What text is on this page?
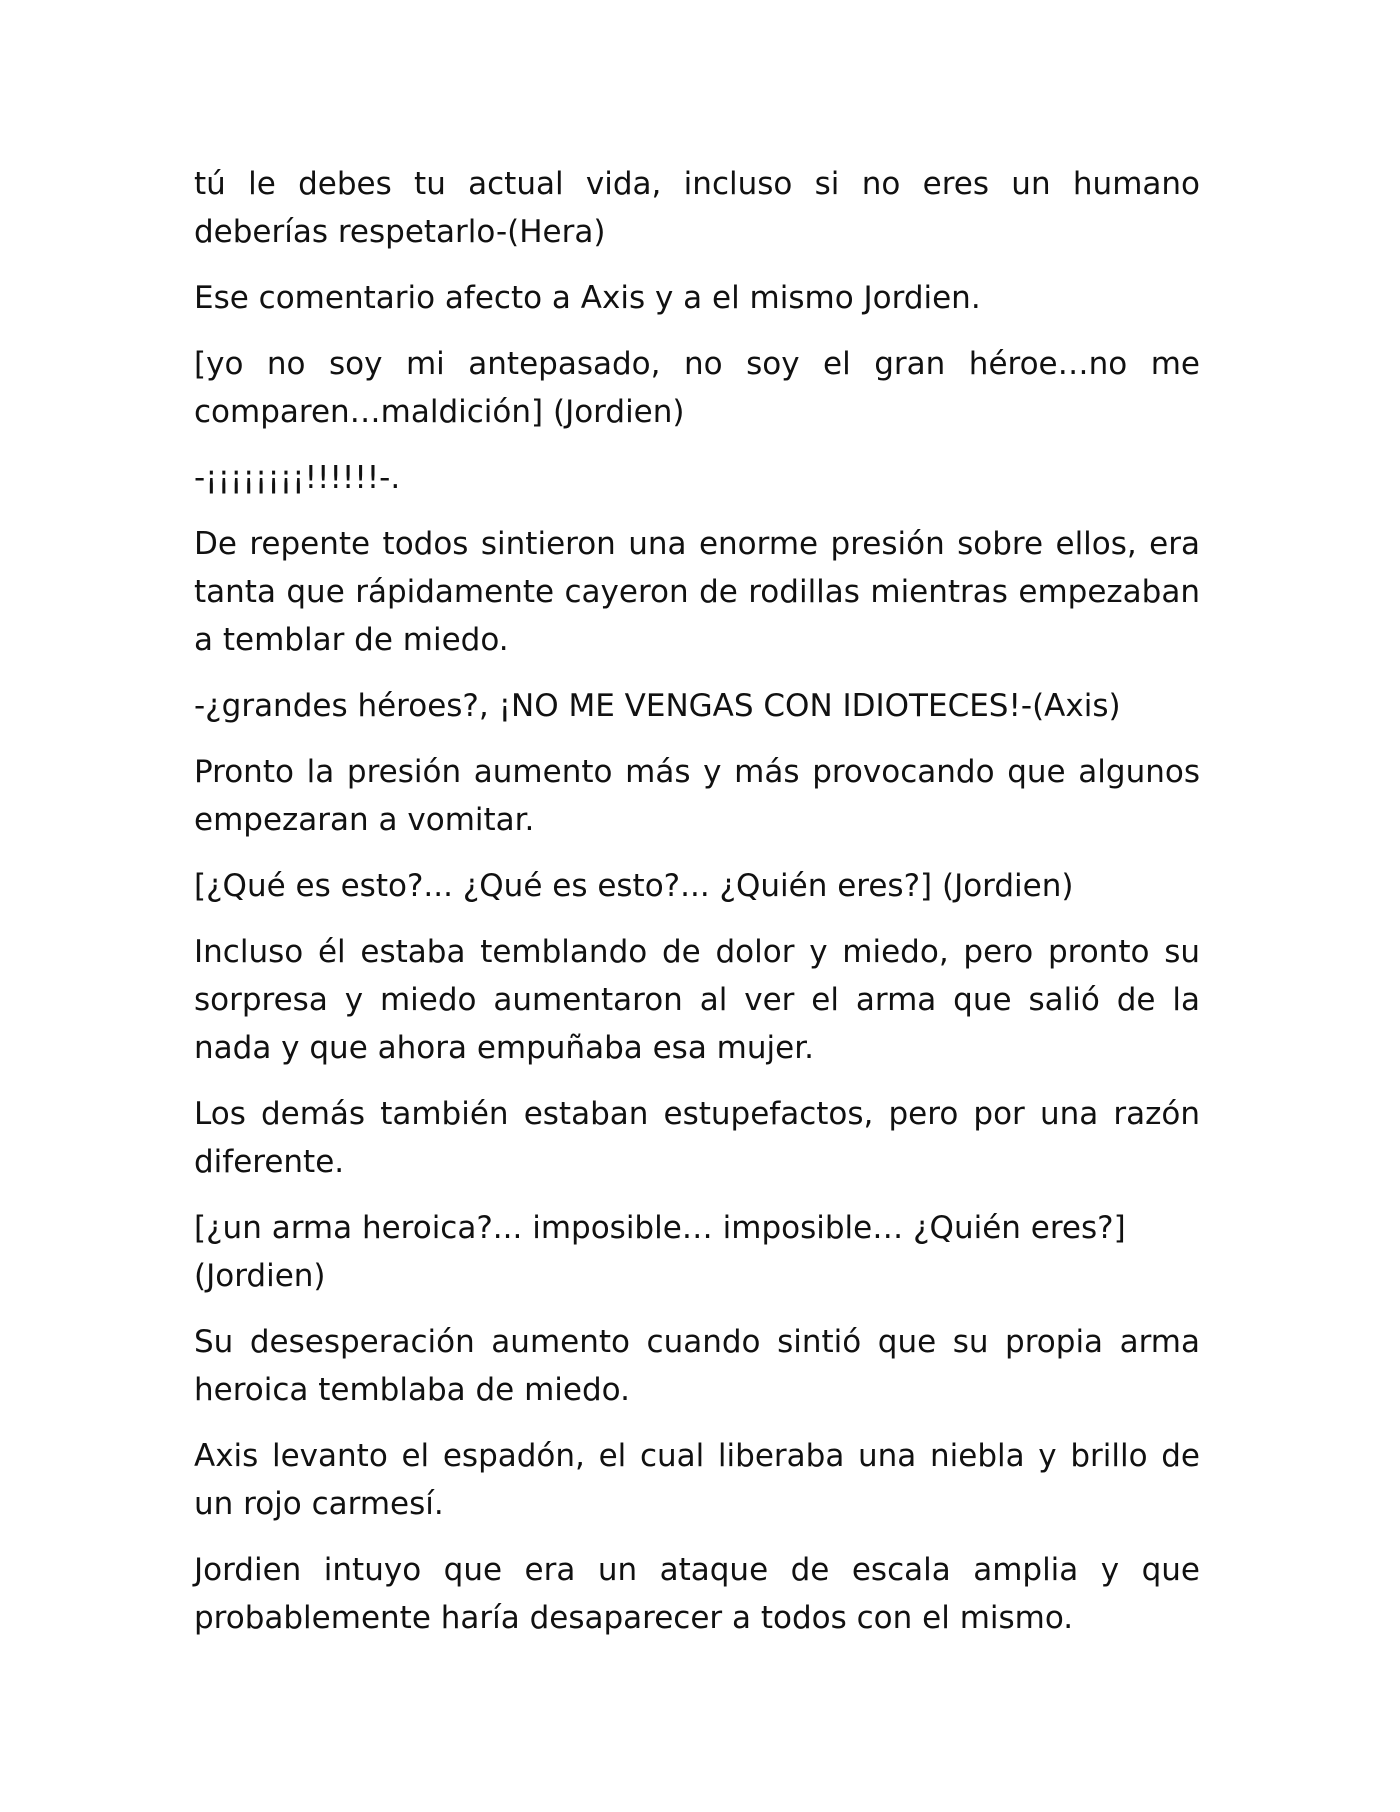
tú le debes tu actual vida, incluso si no eres un humano deberías respetarlo-(Hera)

Ese comentario afecto a Axis y a el mismo Jordien.

[yo no soy mi antepasado, no soy el gran héroe…no me comparen…maldición] (Jordien)

-¡¡¡¡¡¡¡¡!!!!!!-.

De repente todos sintieron una enorme presión sobre ellos, era tanta que rápidamente cayeron de rodillas mientras empezaban a temblar de miedo.

-¿grandes héroes?, ¡NO ME VENGAS CON IDIOTECES!-(Axis)

Pronto la presión aumento más y más provocando que algunos empezaran a vomitar.

[¿Qué es esto?... ¿Qué es esto?... ¿Quién eres?] (Jordien)

Incluso él estaba temblando de dolor y miedo, pero pronto su sorpresa y miedo aumentaron al ver el arma que salió de la nada y que ahora empuñaba esa mujer.

Los demás también estaban estupefactos, pero por una razón diferente.

[¿un arma heroica?... imposible… imposible… ¿Quién eres?] (Jordien)

Su desesperación aumento cuando sintió que su propia arma heroica temblaba de miedo.

Axis levanto el espadón, el cual liberaba una niebla y brillo de un rojo carmesí.

Jordien intuyo que era un ataque de escala amplia y que probablemente haría desaparecer a todos con el mismo.
